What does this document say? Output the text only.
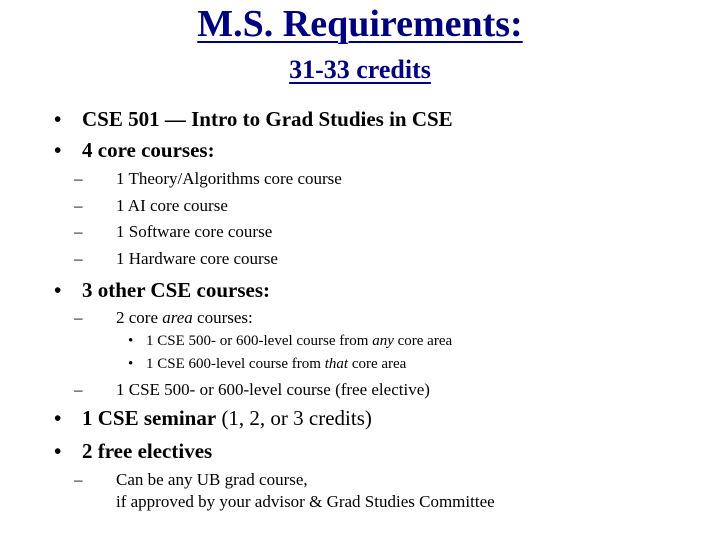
M.S. Requirements:
31-33 credits
• CSE 501 — Intro to Grad Studies in CSE
• 4 core courses:
– 1 Theory/Algorithms core course
– 1 AI core course
– 1 Software core course
– 1 Hardware core course
• 3 other CSE courses:
– 2 core area courses:
• 1 CSE 500- or 600-level course from any core area
• 1 CSE 600-level course from that core area
– 1 CSE 500- or 600-level course (free elective)
• 1 CSE seminar (1, 2, or 3 credits)
• 2 free electives
– Can be any UB grad course,
if approved by your advisor & Grad Studies Committee
